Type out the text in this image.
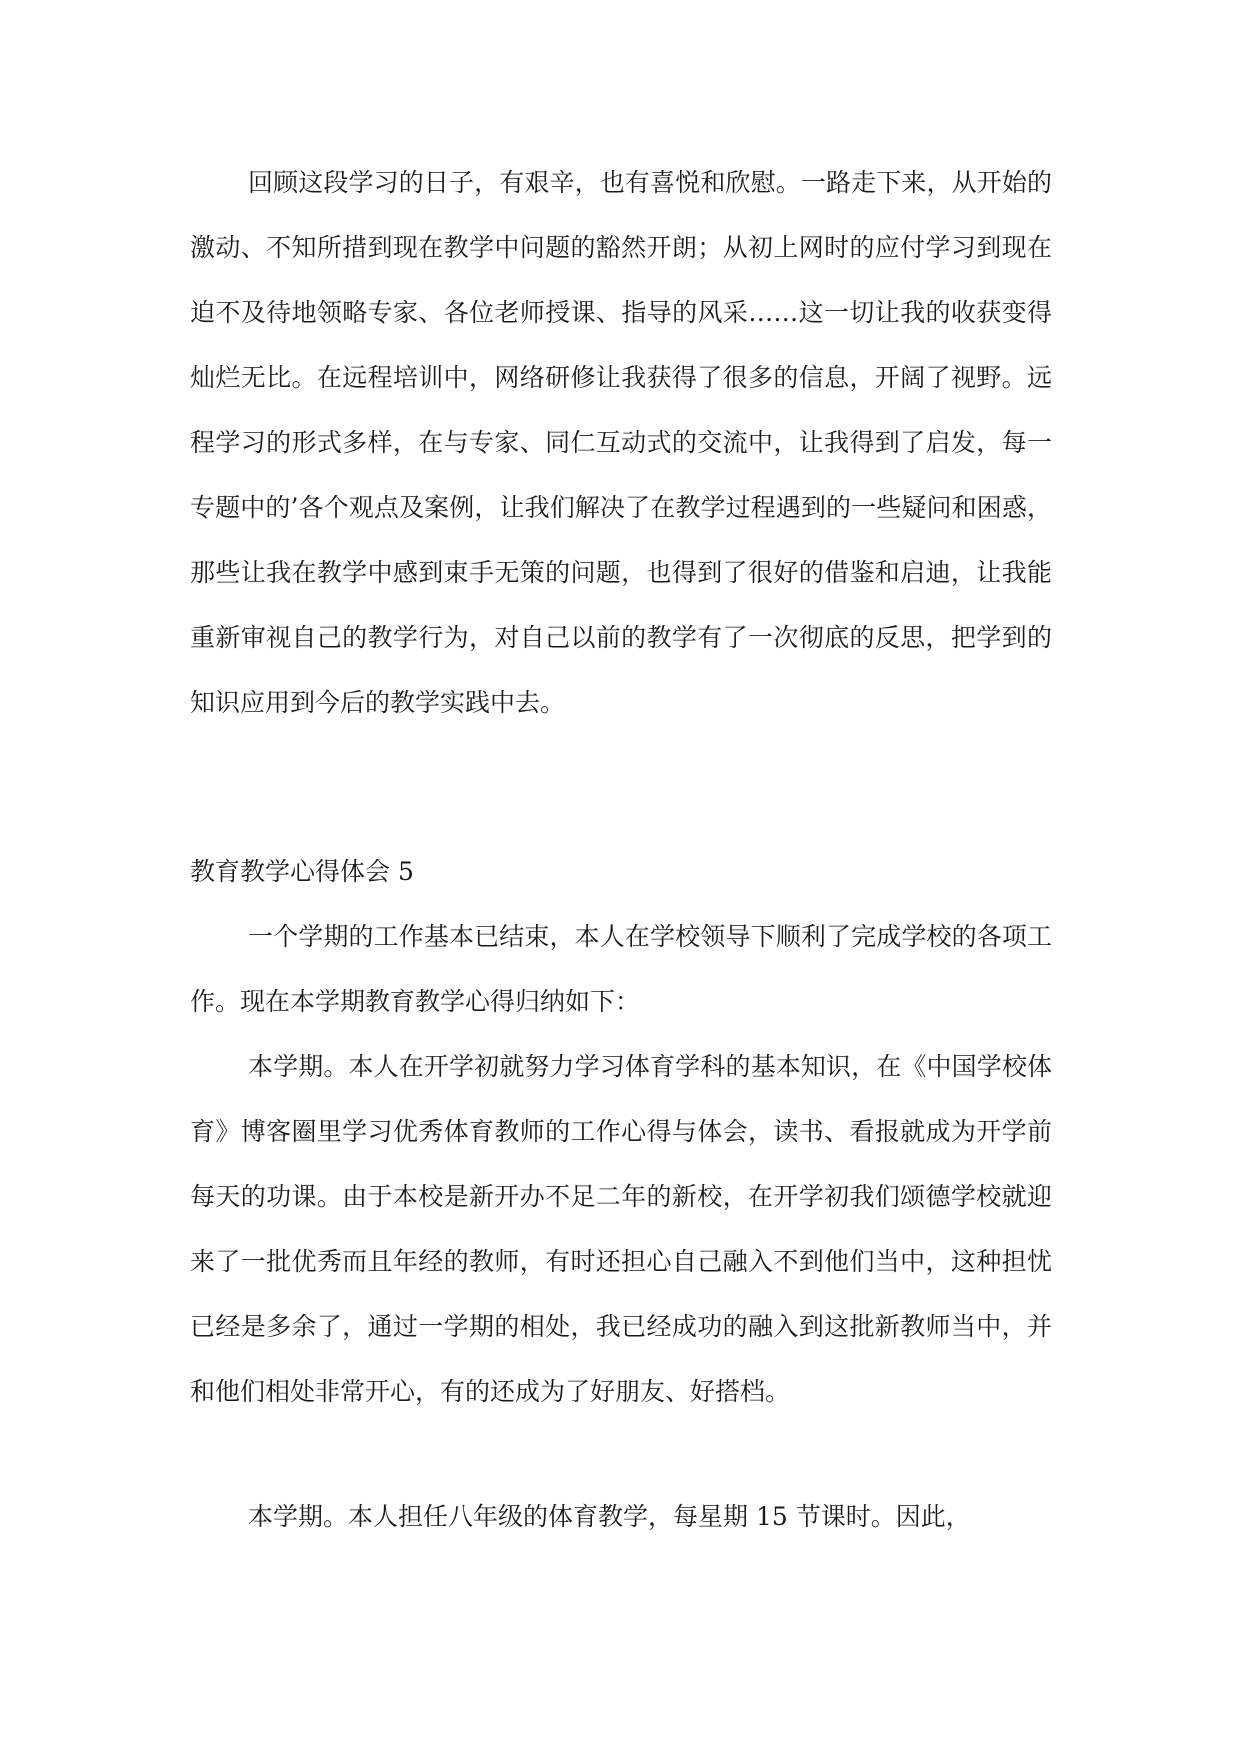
回顾这段学习的日子，有艰辛，也有喜悦和欣慰。一路走下来，从开始的激动、不知所措到现在教学中问题的豁然开朗；从初上网时的应付学习到现在迫不及待地领略专家、各位老师授课、指导的风采……这一切让我的收获变得灿烂无比。在远程培训中，网络研修让我获得了很多的信息，开阔了视野。远程学习的形式多样，在与专家、同仁互动式的交流中，让我得到了启发，每一专题中的’各个观点及案例，让我们解决了在教学过程遇到的一些疑问和困惑，那些让我在教学中感到束手无策的问题，也得到了很好的借鉴和启迪，让我能重新审视自己的教学行为，对自己以前的教学有了一次彻底的反思，把学到的知识应用到今后的教学实践中去。

教育教学心得体会 5

一个学期的工作基本已结束，本人在学校领导下顺利了完成学校的各项工作。现在本学期教育教学心得归纳如下：

本学期。本人在开学初就努力学习体育学科的基本知识，在《中国学校体育》博客圈里学习优秀体育教师的工作心得与体会，读书、看报就成为开学前每天的功课。由于本校是新开办不足二年的新校，在开学初我们颂德学校就迎来了一批优秀而且年经的教师，有时还担心自己融入不到他们当中，这种担忧已经是多余了，通过一学期的相处，我已经成功的融入到这批新教师当中，并和他们相处非常开心，有的还成为了好朋友、好搭档。

本学期。本人担任八年级的体育教学，每星期 15 节课时。因此，
